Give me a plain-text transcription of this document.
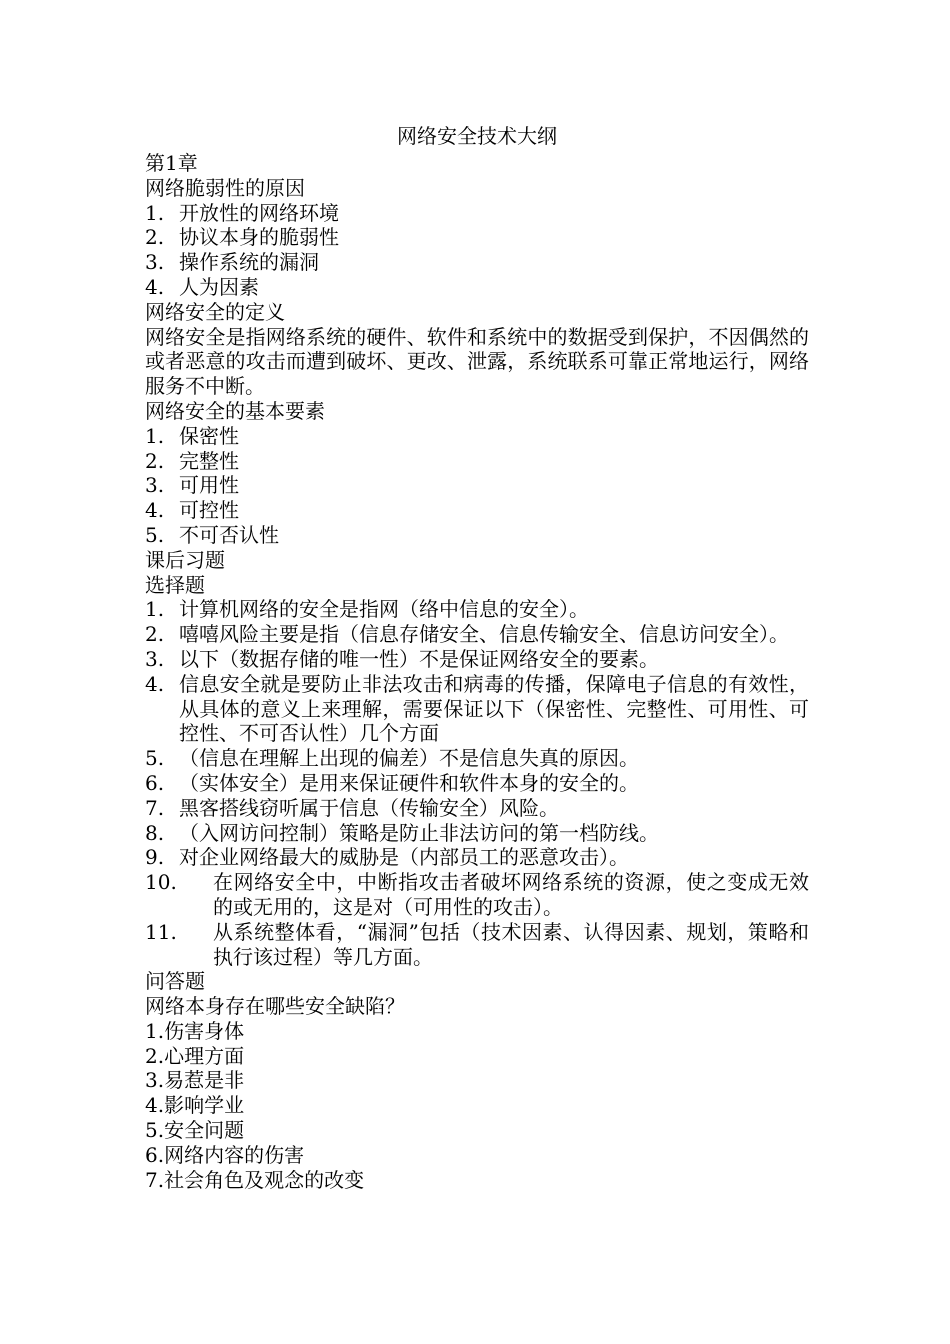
网络安全技术大纲

第1章

网络脆弱性的原因

1. 开放性的网络环境
2. 协议本身的脆弱性
3. 操作系统的漏洞
4. 人为因素

网络安全的定义

网络安全是指网络系统的硬件、软件和系统中的数据受到保护，不因偶然的或者恶意的攻击而遭到破坏、更改、泄露，系统联系可靠正常地运行，网络服务不中断。

网络安全的基本要素

1. 保密性
2. 完整性
3. 可用性
4. 可控性
5. 不可否认性

课后习题

选择题

1. 计算机网络的安全是指网（络中信息的安全）。
2. 嘻嘻风险主要是指（信息存储安全、信息传输安全、信息访问安全）。
3. 以下（数据存储的唯一性）不是保证网络安全的要素。
4. 信息安全就是要防止非法攻击和病毒的传播，保障电子信息的有效性，从具体的意义上来理解，需要保证以下（保密性、完整性、可用性、可控性、不可否认性）几个方面
5. （信息在理解上出现的偏差）不是信息失真的原因。
6. （实体安全）是用来保证硬件和软件本身的安全的。
7. 黑客搭线窃听属于信息（传输安全）风险。
8. （入网访问控制）策略是防止非法访问的第一档防线。
9. 对企业网络最大的威胁是（内部员工的恶意攻击）。
10.	在网络安全中，中断指攻击者破坏网络系统的资源，使之变成无效的或无用的，这是对（可用性的攻击）。
11.	从系统整体看，“漏洞”包括（技术因素、认得因素、规划，策略和执行该过程）等几方面。

问答题

网络本身存在哪些安全缺陷？

1. 伤害身体
2. 心理方面
3. 易惹是非
4. 影响学业
5. 安全问题
6. 网络内容的伤害
7. 社会角色及观念的改变
